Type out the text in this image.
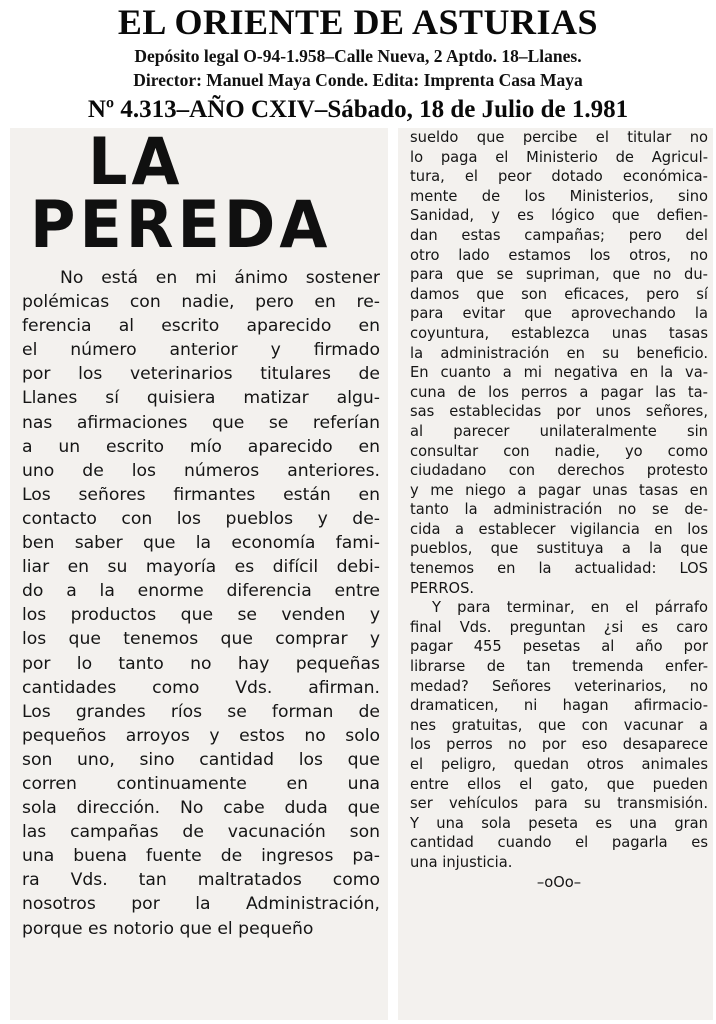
EL ORIENTE DE ASTURIAS
Depósito legal O-94-1.958–Calle Nueva, 2 Aptdo. 18–Llanes.
Director: Manuel Maya Conde. Edita: Imprenta Casa Maya
Nº 4.313–AÑO CXIV–Sábado, 18 de Julio de 1.981
LA
PEREDA
No está en mi ánimo sostener
polémicas con nadie, pero en re-
ferencia al escrito aparecido en
el número anterior y firmado
por los veterinarios titulares de
Llanes sí quisiera matizar algu-
nas afirmaciones que se referían
a un escrito mío aparecido en
uno de los números anteriores.
Los señores firmantes están en
contacto con los pueblos y de-
ben saber que la economía fami-
liar en su mayoría es difícil debi-
do a la enorme diferencia entre
los productos que se venden y
los que tenemos que comprar y
por lo tanto no hay pequeñas
cantidades como Vds. afirman.
Los grandes ríos se forman de
pequeños arroyos y estos no solo
son uno, sino cantidad los que
corren continuamente en una
sola dirección. No cabe duda que
las campañas de vacunación son
una buena fuente de ingresos pa-
ra Vds. tan maltratados como
nosotros por la Administración,
porque es notorio que el pequeño
sueldo que percibe el titular no
lo paga el Ministerio de Agricul-
tura, el peor dotado económica-
mente de los Ministerios, sino
Sanidad, y es lógico que defien-
dan estas campañas; pero del
otro lado estamos los otros, no
para que se supriman, que no du-
damos que son eficaces, pero sí
para evitar que aprovechando la
coyuntura, establezca unas tasas
la administración en su beneficio.
En cuanto a mi negativa en la va-
cuna de los perros a pagar las ta-
sas establecidas por unos señores,
al parecer unilateralmente sin
consultar con nadie, yo como
ciudadano con derechos protesto
y me niego a pagar unas tasas en
tanto la administración no se de-
cida a establecer vigilancia en los
pueblos, que sustituya a la que
tenemos en la actualidad: LOS
PERROS.
Y para terminar, en el párrafo
final Vds. preguntan ¿si es caro
pagar 455 pesetas al año por
librarse de tan tremenda enfer-
medad? Señores veterinarios, no
dramaticen, ni hagan afirmacio-
nes gratuitas, que con vacunar a
los perros no por eso desaparece
el peligro, quedan otros animales
entre ellos el gato, que pueden
ser vehículos para su transmisión.
Y una sola peseta es una gran
cantidad cuando el pagarla es
una injusticia.
–oOo–
